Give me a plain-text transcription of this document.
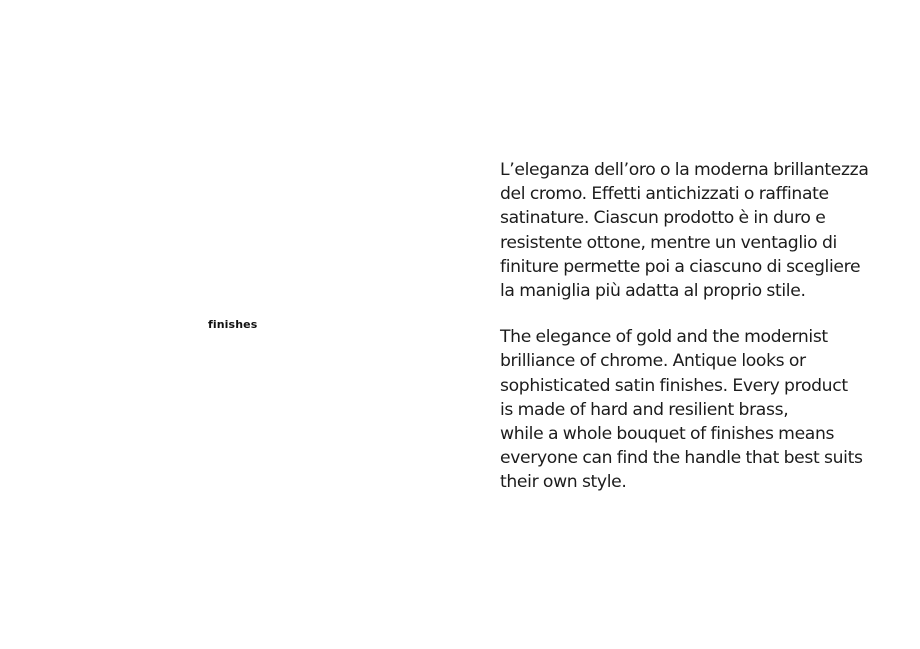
finishes

L’eleganza dell’oro o la moderna brillantezza
del cromo. Effetti antichizzati o raffinate
satinature. Ciascun prodotto è in duro e
resistente ottone, mentre un ventaglio di
finiture permette poi a ciascuno di scegliere
la maniglia più adatta al proprio stile.

The elegance of gold and the modernist
brilliance of chrome. Antique looks or
sophisticated satin finishes. Every product
is made of hard and resilient brass,
while a whole bouquet of finishes means
everyone can find the handle that best suits
their own style.
